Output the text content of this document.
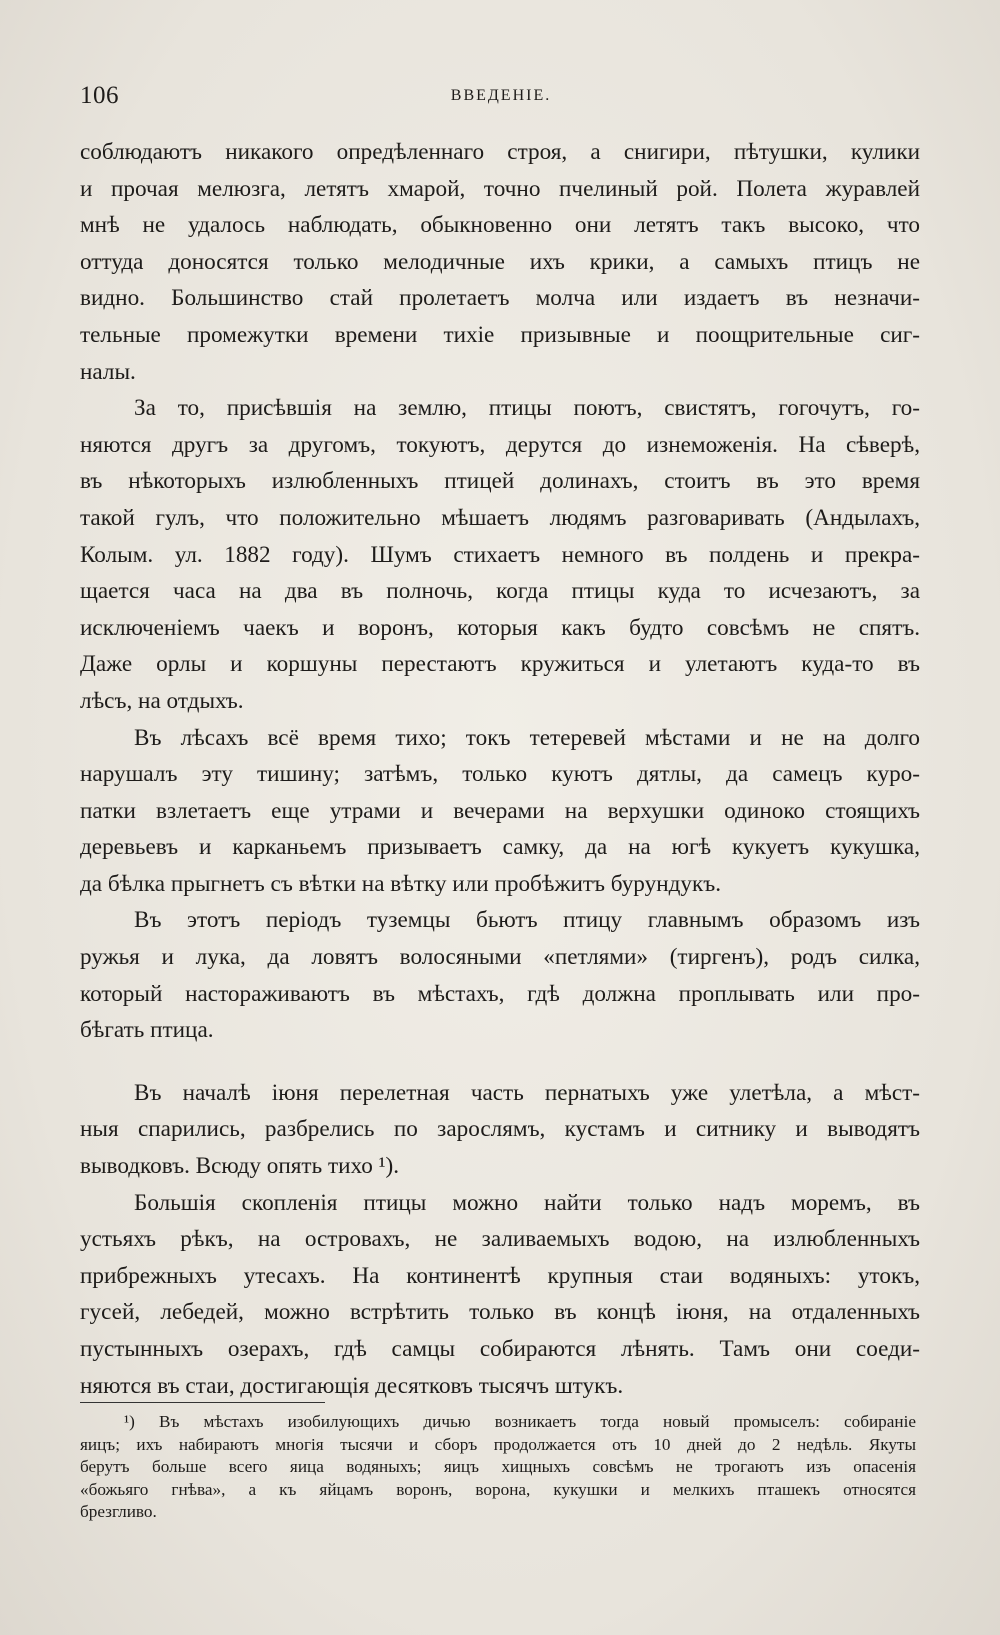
106	ВВЕДЕНІЕ.
соблюдаютъ никакого опредѣленнаго строя, а снигири, пѣтушки, кулики
и прочая мелюзга, летятъ хмарой, точно пчелиный рой. Полета журавлей
мнѣ не удалось наблюдать, обыкновенно они летятъ такъ высоко, что
оттуда доносятся только мелодичные ихъ крики, а самыхъ птицъ не
видно. Большинство стай пролетаетъ молча или издаетъ въ незначи-
тельные промежутки времени тихіе призывные и поощрительные сиг-
налы.
За то, присѣвшія на землю, птицы поютъ, свистятъ, гогочутъ, го-
няются другъ за другомъ, токуютъ, дерутся до изнеможенія. На сѣверѣ,
въ нѣкоторыхъ излюбленныхъ птицей долинахъ, стоитъ въ это время
такой гулъ, что положительно мѣшаетъ людямъ разговаривать (Андылахъ,
Колым. ул. 1882 году). Шумъ стихаетъ немного въ полдень и прекра-
щается часа на два въ полночь, когда птицы куда то исчезаютъ, за
исключеніемъ чаекъ и воронъ, которыя какъ будто совсѣмъ не спятъ.
Даже орлы и коршуны перестаютъ кружиться и улетаютъ куда-то въ
лѣсъ, на отдыхъ.
Въ лѣсахъ всё время тихо; токъ тетеревей мѣстами и не на долго
нарушалъ эту тишину; затѣмъ, только куютъ дятлы, да самецъ куро-
патки взлетаетъ еще утрами и вечерами на верхушки одиноко стоящихъ
деревьевъ и карканьемъ призываетъ самку, да на югѣ кукуетъ кукушка,
да бѣлка прыгнетъ съ вѣтки на вѣтку или пробѣжитъ бурундукъ.
Въ этотъ періодъ туземцы бьютъ птицу главнымъ образомъ изъ
ружья и лука, да ловятъ волосяными «петлями» (тиргенъ), родъ силка,
который настораживаютъ въ мѣстахъ, гдѣ должна проплывать или про-
бѣгать птица.
Въ началѣ іюня перелетная часть пернатыхъ уже улетѣла, а мѣст-
ныя спарились, разбрелись по зарослямъ, кустамъ и ситнику и выводятъ
выводковъ. Всюду опять тихо ¹).
Большія скопленія птицы можно найти только надъ моремъ, въ
устьяхъ рѣкъ, на островахъ, не заливаемыхъ водою, на излюбленныхъ
прибрежныхъ утесахъ. На континентѣ крупныя стаи водяныхъ: утокъ,
гусей, лебедей, можно встрѣтить только въ концѣ іюня, на отдаленныхъ
пустынныхъ озерахъ, гдѣ самцы собираются лѣнять. Тамъ они соеди-
няются въ стаи, достигающія десятковъ тысячъ штукъ.
¹) Въ мѣстахъ изобилующихъ дичью возникаетъ тогда новый промыселъ: собираніе
яицъ; ихъ набираютъ многія тысячи и сборъ продолжается отъ 10 дней до 2 недѣль. Якуты
берутъ больше всего яица водяныхъ; яицъ хищныхъ совсѣмъ не трогаютъ изъ опасенія
«божьяго гнѣва», а къ яйцамъ воронъ, ворона, кукушки и мелкихъ пташекъ относятся
брезгливо.
